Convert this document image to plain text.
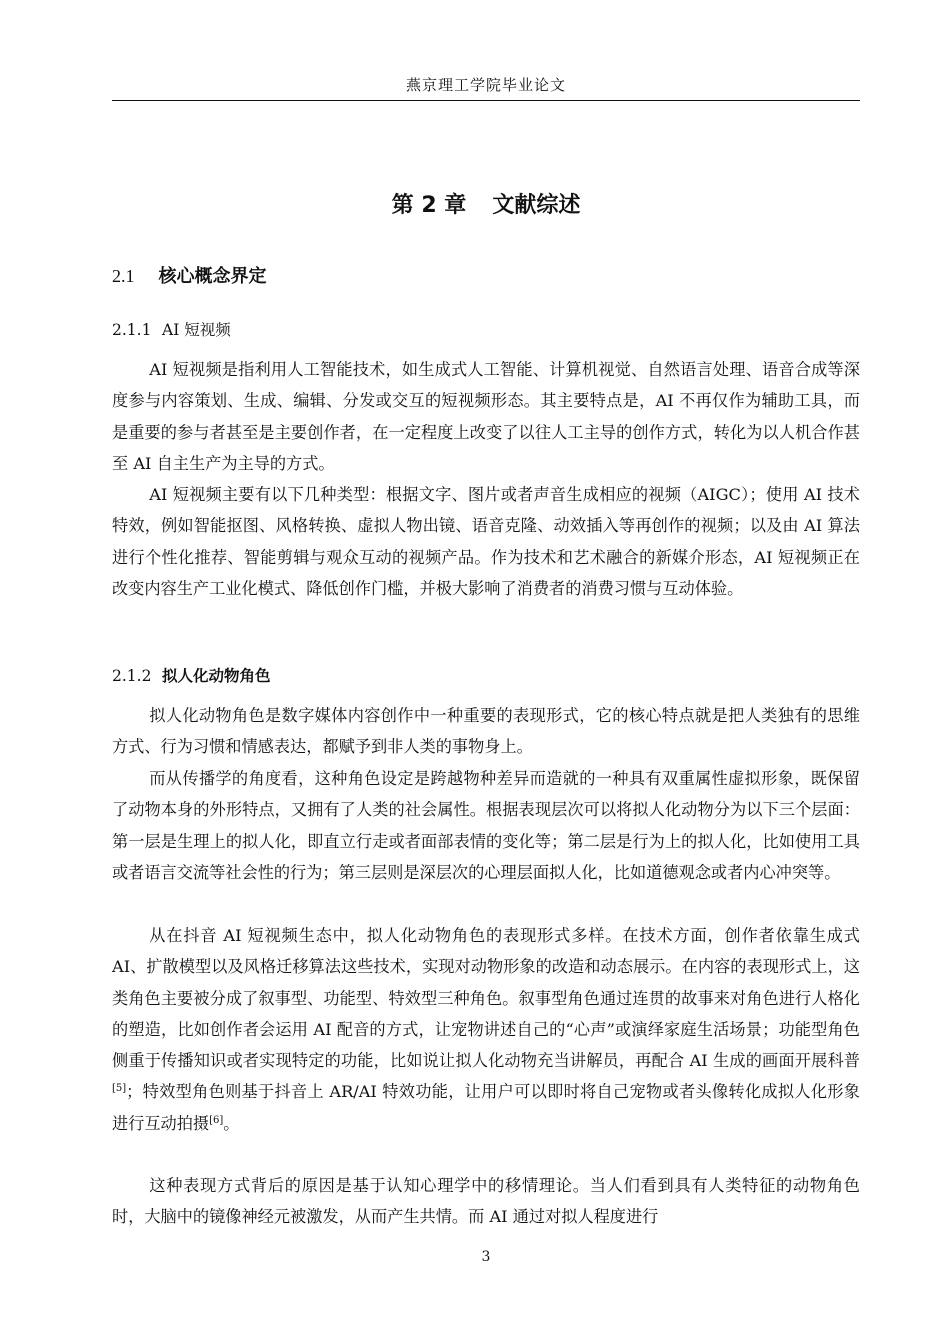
燕京理工学院毕业论文
第 2 章 文献综述
2.1 核心概念界定
2.1.1 AI 短视频

AI 短视频是指利用人工智能技术，如生成式人工智能、计算机视觉、自然语言处理、语音合成等深度参与内容策划、生成、编辑、分发或交互的短视频形态。其主要特点是，AI 不再仅作为辅助工具，而是重要的参与者甚至是主要创作者，在一定程度上改变了以往人工主导的创作方式，转化为以人机合作甚至 AI 自主生产为主导的方式。

AI 短视频主要有以下几种类型：根据文字、图片或者声音生成相应的视频（AIGC）；使用 AI 技术特效，例如智能抠图、风格转换、虚拟人物出镜、语音克隆、动效插入等再创作的视频；以及由 AI 算法进行个性化推荐、智能剪辑与观众互动的视频产品。作为技术和艺术融合的新媒介形态，AI 短视频正在改变内容生产工业化模式、降低创作门槛，并极大影响了消费者的消费习惯与互动体验。

2.1.2 拟人化动物角色

拟人化动物角色是数字媒体内容创作中一种重要的表现形式，它的核心特点就是把人类独有的思维方式、行为习惯和情感表达，都赋予到非人类的事物身上。

而从传播学的角度看，这种角色设定是跨越物种差异而造就的一种具有双重属性虚拟形象，既保留了动物本身的外形特点，又拥有了人类的社会属性。根据表现层次可以将拟人化动物分为以下三个层面：第一层是生理上的拟人化，即直立行走或者面部表情的变化等；第二层是行为上的拟人化，比如使用工具或者语言交流等社会性的行为；第三层则是深层次的心理层面拟人化，比如道德观念或者内心冲突等。

从在抖音 AI 短视频生态中，拟人化动物角色的表现形式多样。在技术方面，创作者依靠生成式 AI、扩散模型以及风格迁移算法这些技术，实现对动物形象的改造和动态展示。在内容的表现形式上，这类角色主要被分成了叙事型、功能型、特效型三种角色。叙事型角色通过连贯的故事来对角色进行人格化的塑造，比如创作者会运用 AI 配音的方式，让宠物讲述自己的“心声”或演绎家庭生活场景；功能型角色侧重于传播知识或者实现特定的功能，比如说让拟人化动物充当讲解员，再配合 AI 生成的画面开展科普[5]；特效型角色则基于抖音上 AR/AI 特效功能，让用户可以即时将自己宠物或者头像转化成拟人化形象进行互动拍摄[6]。

这种表现方式背后的原因是基于认知心理学中的移情理论。当人们看到具有人类特征的动物角色时，大脑中的镜像神经元被激发，从而产生共情。而 AI 通过对拟人程度进行

3
